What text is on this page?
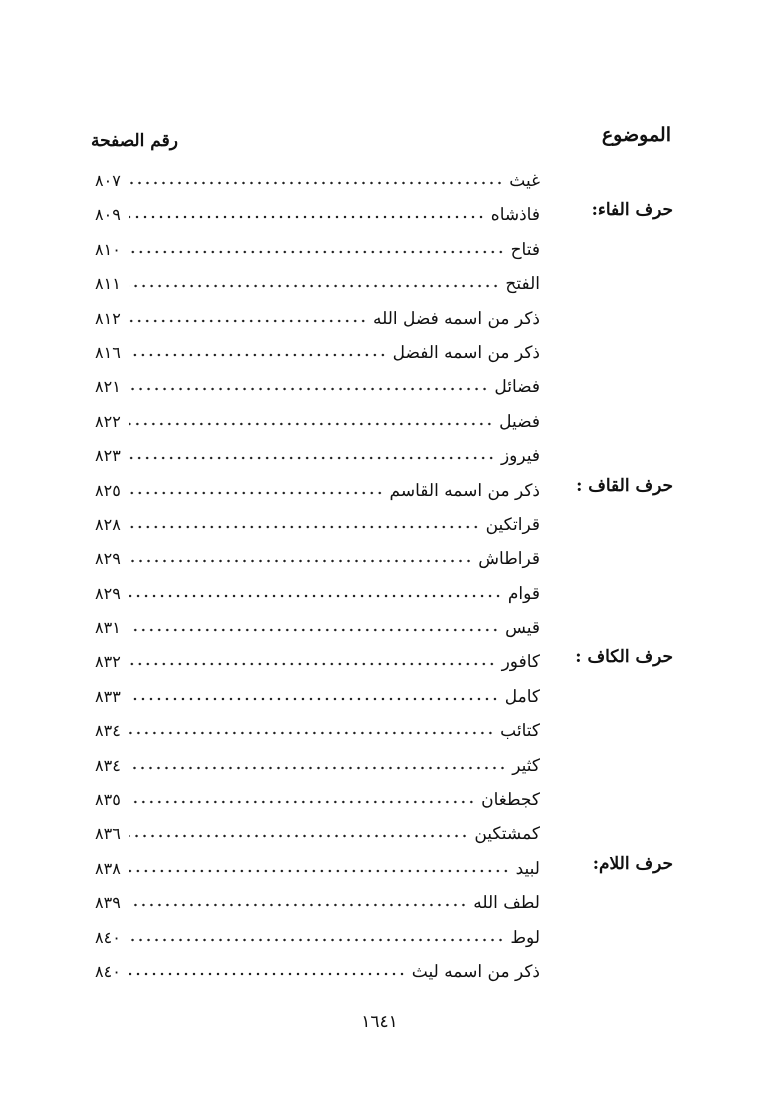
الموضوع
رقم الصفحة
غيث
٨٠٧
حرف الفاء:
فاذشاه
٨٠٩
فتاح
٨١٠
الفتح
٨١١
ذكر من اسمه فضل الله
٨١٢
ذكر من اسمه الفضل
٨١٦
فضائل
٨٢١
فضيل
٨٢٢
فيروز
٨٢٣
حرف القاف :
ذكر من اسمه القاسم
٨٢٥
قراتكين
٨٢٨
قراطاش
٨٢٩
قوام
٨٢٩
قيس
٨٣١
حرف الكاف :
كافور
٨٣٢
كامل
٨٣٣
كتائب
٨٣٤
كثير
٨٣٤
كجطغان
٨٣٥
كمشتكين
٨٣٦
حرف اللام:
لبيد
٨٣٨
لطف الله
٨٣٩
لوط
٨٤٠
ذكر من اسمه ليث
٨٤٠
١٦٤١
